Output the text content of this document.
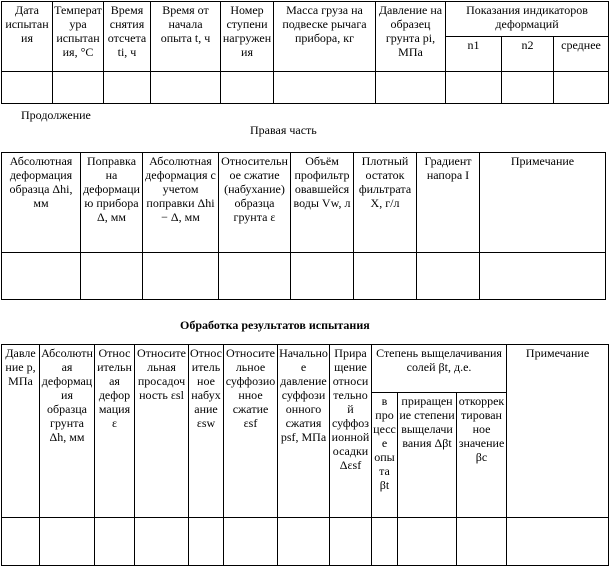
Дата испытания	Температура испытания, °С	Время снятия отсчета ti, ч	Время от начала опыта t, ч	Номер ступени нагружения	Масса груза на подвеске рычага прибора, кг	Давление на образец грунта pi, МПа	Показания индикаторов деформаций		
							n1	n2	среднее

Продолжение
Правая часть
Абсолютная деформация образца Δhi, мм	Поправка на деформацию прибора Δ, мм	Абсолютная деформация с учетом поправки Δhi − Δ, мм	Относительное сжатие (набухание) образца грунта ε	Объём профильтровавшейся воды Vw, л	Плотный остаток фильтрата X, г/л	Градиент напора I	Примечание

Обработка результатов испытания
Давление p, МПа	Абсолютная деформация образца грунта Δh, мм	Относительная деформация ε	Относительная просадочность εsl	Относительное набухание εsw	Относительное суффозионное сжатие εsf	Начальное давление суффозионного сжатия psf, МПа	Приращение относительной суффозионной осадки Δεsf	Степень выщелачивания солей βt, д.е.			Примечание
								в процессе опыта βt	приращение степени выщелачивания Δβt	откорректированное значение βc	
